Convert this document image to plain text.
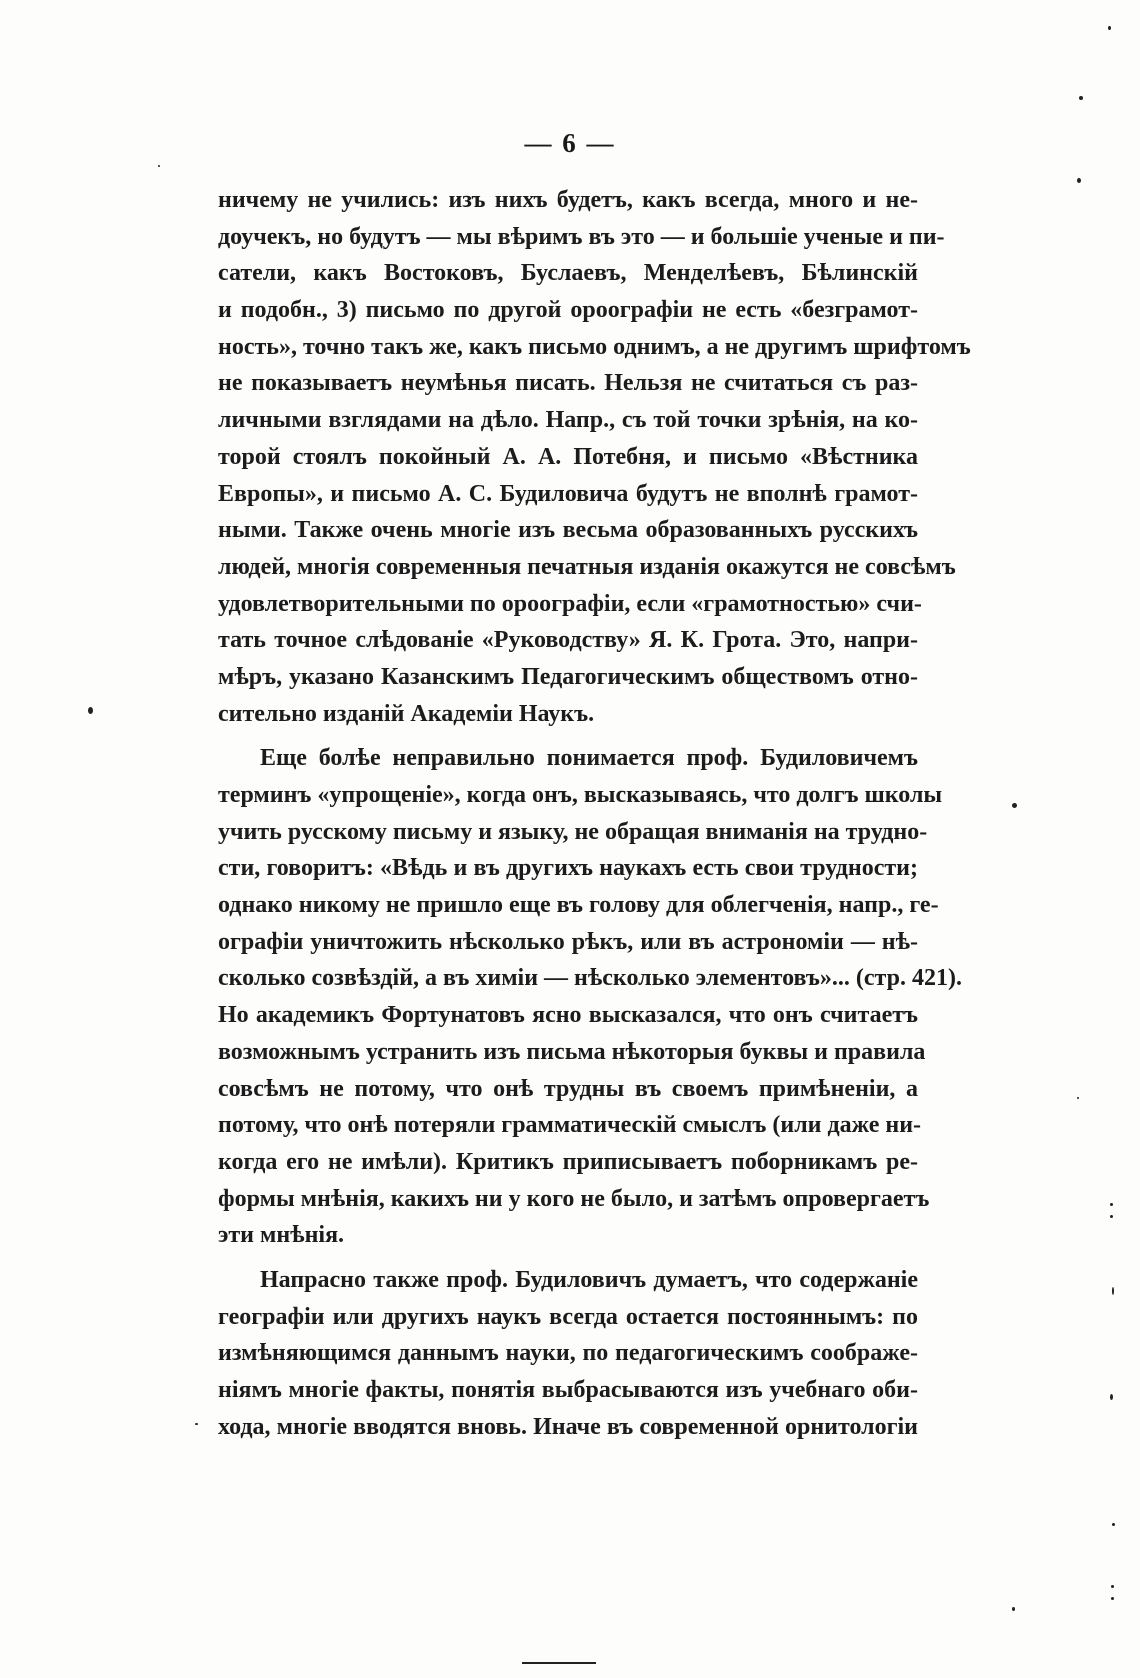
— 6 —
ничему не учились: изъ нихъ будетъ, какъ всегда, много и не-
доучекъ, но будутъ — мы вѣримъ въ это — и большіе ученые и пи-
сатели, какъ Востоковъ, Буслаевъ, Менделѣевъ, Бѣлинскій
и подобн., 3) письмо по другой ороографіи не есть «безграмот-
ность», точно такъ же, какъ письмо однимъ, а не другимъ шрифтомъ
не показываетъ неумѣнья писать. Нельзя не считаться съ раз-
личными взглядами на дѣло. Напр., съ той точки зрѣнія, на ко-
торой стоялъ покойный А. А. Потебня, и письмо «Вѣстника
Европы», и письмо А. С. Будиловича будутъ не вполнѣ грамот-
ными. Также очень многіе изъ весьма образованныхъ русскихъ
людей, многія современныя печатныя изданія окажутся не совсѣмъ
удовлетворительными по ороографіи, если «грамотностью» счи-
тать точное слѣдованіе «Руководству» Я. К. Грота. Это, напри-
мѣръ, указано Казанскимъ Педагогическимъ обществомъ отно-
сительно изданій Академіи Наукъ.
Еще болѣе неправильно понимается проф. Будиловичемъ
терминъ «упрощеніе», когда онъ, высказываясь, что долгъ школы
учить русскому письму и языку, не обращая вниманія на трудно-
сти, говоритъ: «Вѣдь и въ другихъ наукахъ есть свои трудности;
однако никому не пришло еще въ голову для облегченія, напр., ге-
ографіи уничтожить нѣсколько рѣкъ, или въ астрономіи — нѣ-
сколько созвѣздій, а въ химіи — нѣсколько элементовъ»... (стр. 421).
Но академикъ Фортунатовъ ясно высказался, что онъ считаетъ
возможнымъ устранить изъ письма нѣкоторыя буквы и правила
совсѣмъ не потому, что онѣ трудны въ своемъ примѣненіи, а
потому, что онѣ потеряли грамматическій смыслъ (или даже ни-
когда его не имѣли). Критикъ приписываетъ поборникамъ ре-
формы мнѣнія, какихъ ни у кого не было, и затѣмъ опровергаетъ
эти мнѣнія.
Напрасно также проф. Будиловичъ думаетъ, что содержаніе
географіи или другихъ наукъ всегда остается постояннымъ: по
измѣняющимся даннымъ науки, по педагогическимъ соображе-
ніямъ многіе факты, понятія выбрасываются изъ учебнаго оби-
хода, многіе вводятся вновь. Иначе въ современной орнитологіи
